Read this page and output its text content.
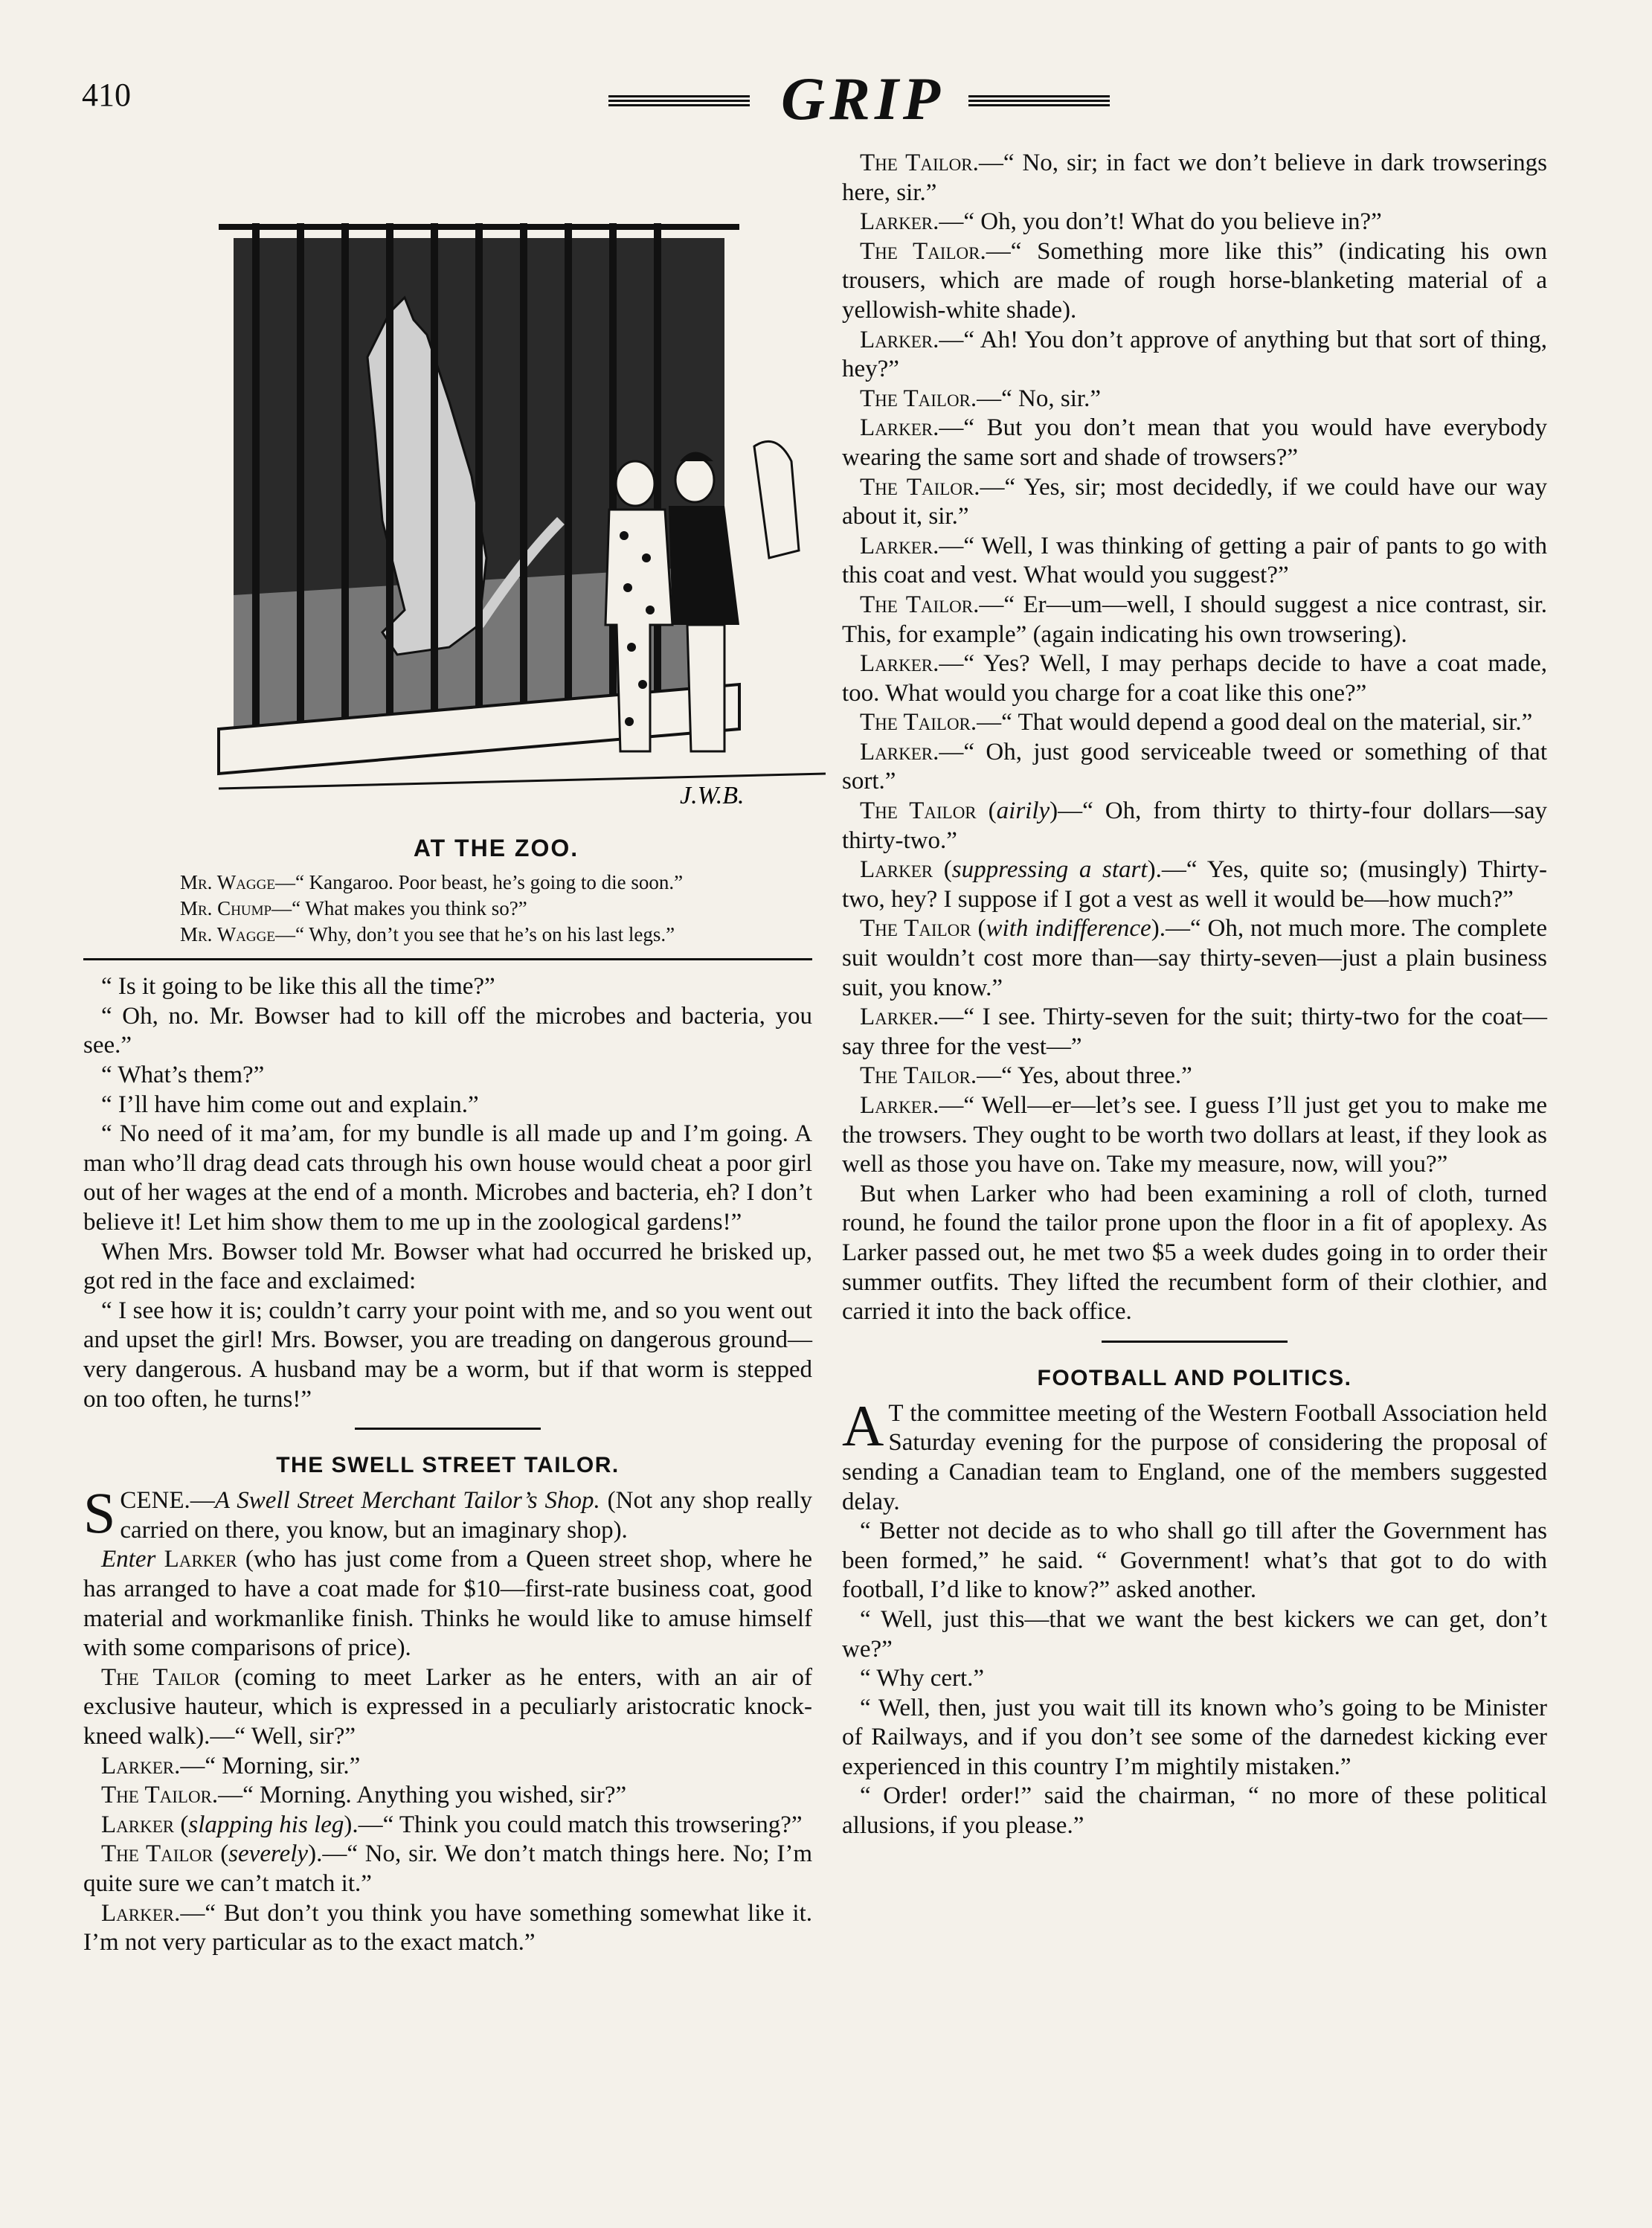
410	GRIP
J.W.B.
AT THE ZOO.

Mr. Wagge—“ Kangaroo. Poor beast, he’s going to die soon.”

Mr. Chump—“ What makes you think so?”

Mr. Wagge—“ Why, don’t you see that he’s on his last legs.”

“ Is it going to be like this all the time?”

“ Oh, no. Mr. Bowser had to kill off the microbes and bacteria, you see.”

“ What’s them?”

“ I’ll have him come out and explain.”

“ No need of it ma’am, for my bundle is all made up and I’m going. A man who’ll drag dead cats through his own house would cheat a poor girl out of her wages at the end of a month. Microbes and bacteria, eh? I don’t believe it! Let him show them to me up in the zoological gardens!”

When Mrs. Bowser told Mr. Bowser what had occurred he brisked up, got red in the face and exclaimed:

“ I see how it is; couldn’t carry your point with me, and so you went out and upset the girl! Mrs. Bowser, you are treading on dangerous ground—very dangerous. A husband may be a worm, but if that worm is stepped on too often, he turns!”

THE SWELL STREET TAILOR.

SCENE.—A Swell Street Merchant Tailor’s Shop. (Not any shop really carried on there, you know, but an imaginary shop).

Enter Larker (who has just come from a Queen street shop, where he has arranged to have a coat made for $10—first-rate business coat, good material and workmanlike finish. Thinks he would like to amuse himself with some comparisons of price).

The Tailor (coming to meet Larker as he enters, with an air of exclusive hauteur, which is expressed in a peculiarly aristocratic knock-kneed walk).—“ Well, sir?”

Larker.—“ Morning, sir.”

The Tailor.—“ Morning. Anything you wished, sir?”

Larker (slapping his leg).—“ Think you could match this trowsering?”

The Tailor (severely).—“ No, sir. We don’t match things here. No; I’m quite sure we can’t match it.”

Larker.—“ But don’t you think you have something somewhat like it. I’m not very particular as to the exact match.”

The Tailor.—“ No, sir; in fact we don’t believe in dark trowserings here, sir.”

Larker.—“ Oh, you don’t! What do you believe in?”

The Tailor.—“ Something more like this” (indicating his own trousers, which are made of rough horse-blanketing material of a yellowish-white shade).

Larker.—“ Ah! You don’t approve of anything but that sort of thing, hey?”

The Tailor.—“ No, sir.”

Larker.—“ But you don’t mean that you would have everybody wearing the same sort and shade of trowsers?”

The Tailor.—“ Yes, sir; most decidedly, if we could have our way about it, sir.”

Larker.—“ Well, I was thinking of getting a pair of pants to go with this coat and vest. What would you suggest?”

The Tailor.—“ Er—um—well, I should suggest a nice contrast, sir. This, for example” (again indicating his own trowsering).

Larker.—“ Yes? Well, I may perhaps decide to have a coat made, too. What would you charge for a coat like this one?”

The Tailor.—“ That would depend a good deal on the material, sir.”

Larker.—“ Oh, just good serviceable tweed or something of that sort.”

The Tailor (airily)—“ Oh, from thirty to thirty-four dollars—say thirty-two.”

Larker (suppressing a start).—“ Yes, quite so; (musingly) Thirty-two, hey? I suppose if I got a vest as well it would be—how much?”

The Tailor (with indifference).—“ Oh, not much more. The complete suit wouldn’t cost more than—say thirty-seven—just a plain business suit, you know.”

Larker.—“ I see. Thirty-seven for the suit; thirty-two for the coat—say three for the vest—”

The Tailor.—“ Yes, about three.”

Larker.—“ Well—er—let’s see. I guess I’ll just get you to make me the trowsers. They ought to be worth two dollars at least, if they look as well as those you have on. Take my measure, now, will you?”

But when Larker who had been examining a roll of cloth, turned round, he found the tailor prone upon the floor in a fit of apoplexy. As Larker passed out, he met two $5 a week dudes going in to order their summer outfits. They lifted the recumbent form of their clothier, and carried it into the back office.

FOOTBALL AND POLITICS.

A T the committee meeting of the Western Football Association held Saturday evening for the purpose of considering the proposal of sending a Canadian team to England, one of the members suggested delay.

“ Better not decide as to who shall go till after the Government has been formed,” he said. “ Government! what’s that got to do with football, I’d like to know?” asked another.

“ Well, just this—that we want the best kickers we can get, don’t we?”

“ Why cert.”

“ Well, then, just you wait till its known who’s going to be Minister of Railways, and if you don’t see some of the darnedest kicking ever experienced in this country I’m mightily mistaken.”

“ Order! order!” said the chairman, “ no more of these political allusions, if you please.”
